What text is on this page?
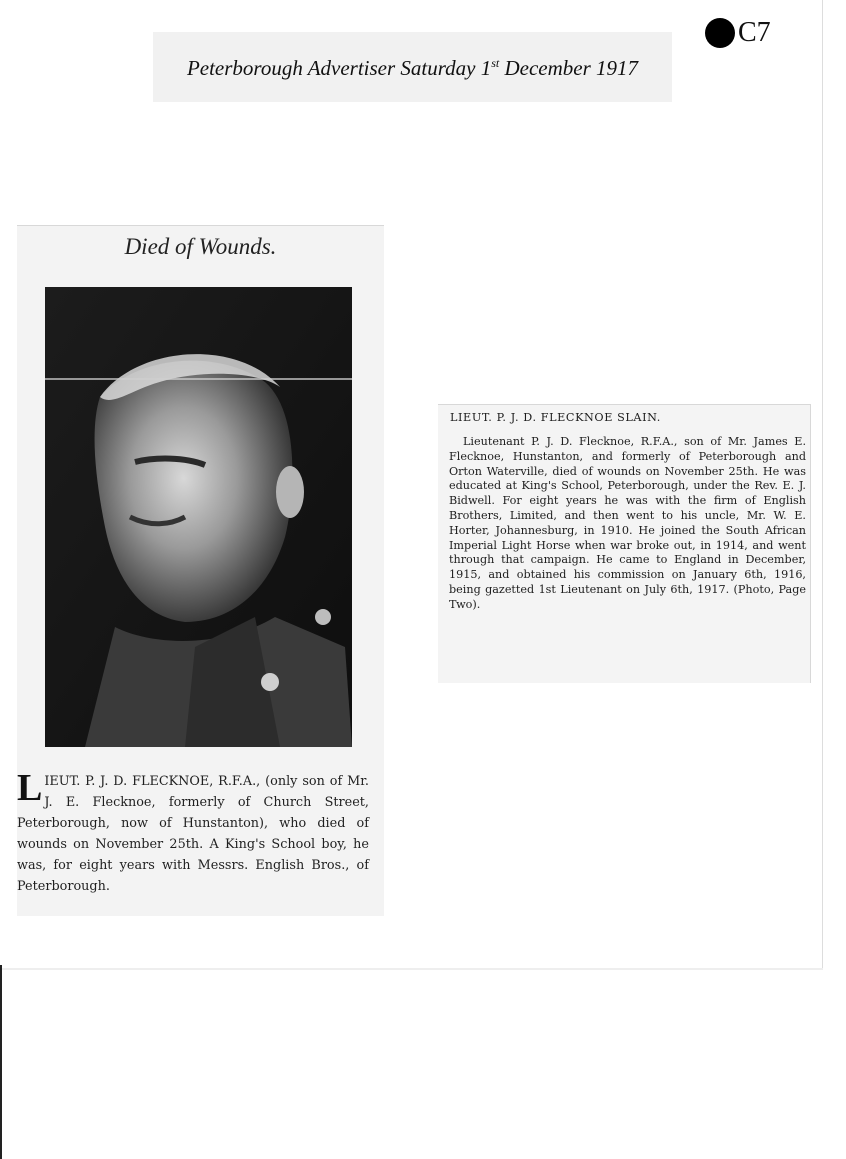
Peterborough Advertiser Saturday 1st December 1917
C7
Died of Wounds.
LIEUT. P. J. D. FLECKNOE, R.F.A., (only son of Mr. J. E. Flecknoe, formerly of Church Street, Peterborough, now of Hunstanton), who died of wounds on November 25th. A King's School boy, he was, for eight years with Messrs. English Bros., of Peterborough.
LIEUT. P. J. D. FLECKNOE SLAIN.
Lieutenant P. J. D. Flecknoe, R.F.A., son of Mr. James E. Flecknoe, Hunstanton, and formerly of Peterborough and Orton Waterville, died of wounds on November 25th. He was educated at King's School, Peterborough, under the Rev. E. J. Bidwell. For eight years he was with the firm of English Brothers, Limited, and then went to his uncle, Mr. W. E. Horter, Johannesburg, in 1910. He joined the South African Imperial Light Horse when war broke out, in 1914, and went through that campaign. He came to England in December, 1915, and obtained his commission on January 6th, 1916, being gazetted 1st Lieutenant on July 6th, 1917. (Photo, Page Two).
